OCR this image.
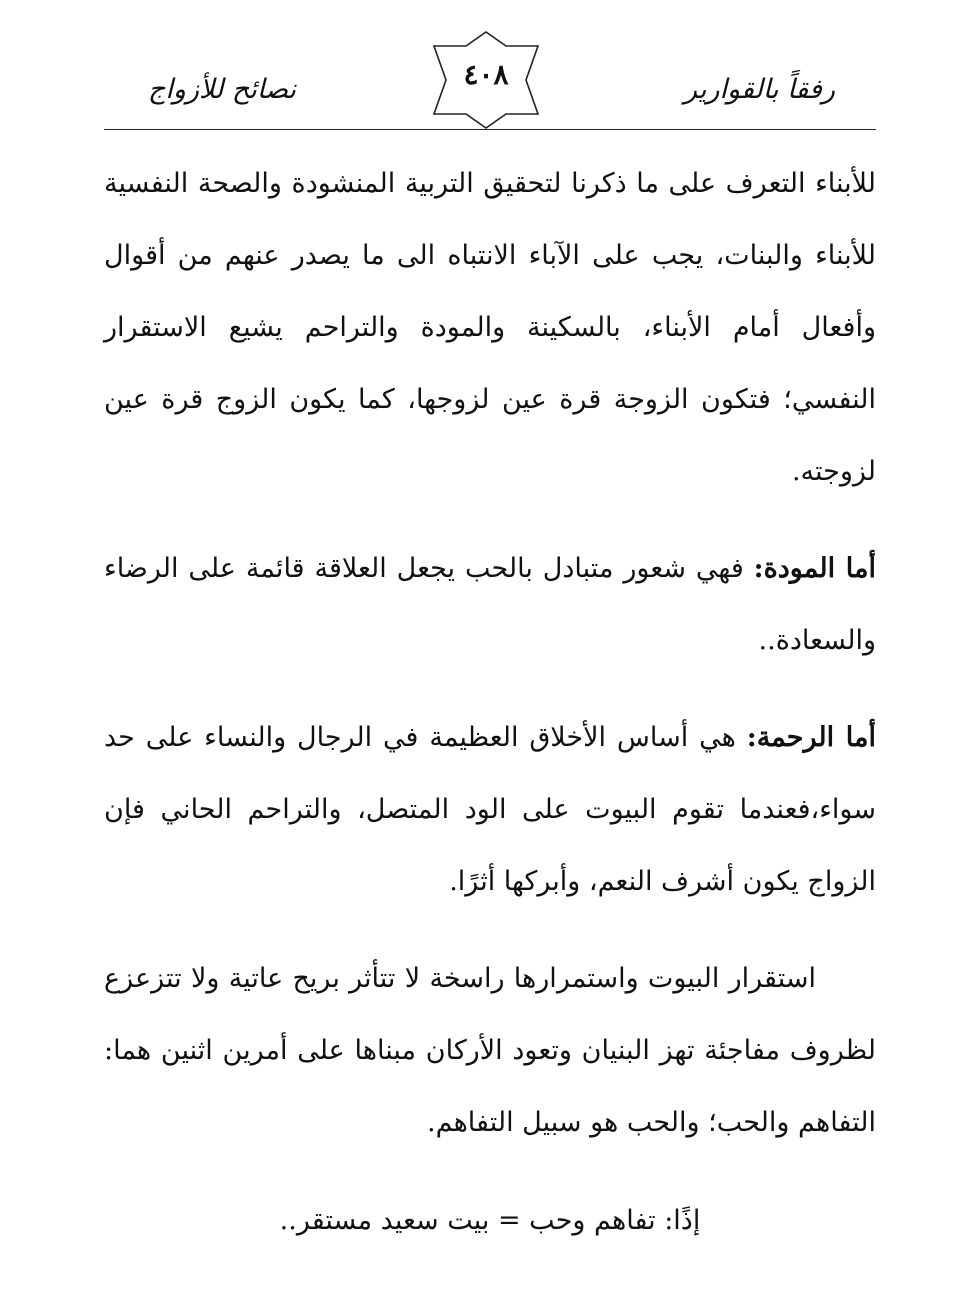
رفقاً بالقوارير
٤٠٨
نصائح للأزواج

للأبناء التعرف على ما ذكرنا لتحقيق التربية المنشودة والصحة النفسية للأبناء والبنات، يجب على الآباء الانتباه الى ما يصدر عنهم من أقوال وأفعال أمام الأبناء، بالسكينة والمودة والتراحم يشيع الاستقرار النفسي؛ فتكون الزوجة قرة عين لزوجها، كما يكون الزوج قرة عين لزوجته.

أما المودة: فهي شعور متبادل بالحب يجعل العلاقة قائمة على الرضاء والسعادة..

أما الرحمة: هي أساس الأخلاق العظيمة في الرجال والنساء على حد سواء،فعندما تقوم البيوت على الود المتصل، والتراحم الحاني فإن الزواج يكون أشرف النعم، وأبركها أثرًا.

استقرار البيوت واستمرارها راسخة لا تتأثر بريح عاتية ولا تتزعزع لظروف مفاجئة تهز البنيان وتعود الأركان مبناها على أمرين اثنين هما: التفاهم والحب؛ والحب هو سبيل التفاهم.

إذًا: تفاهم وحب = بيت سعيد مستقر..
